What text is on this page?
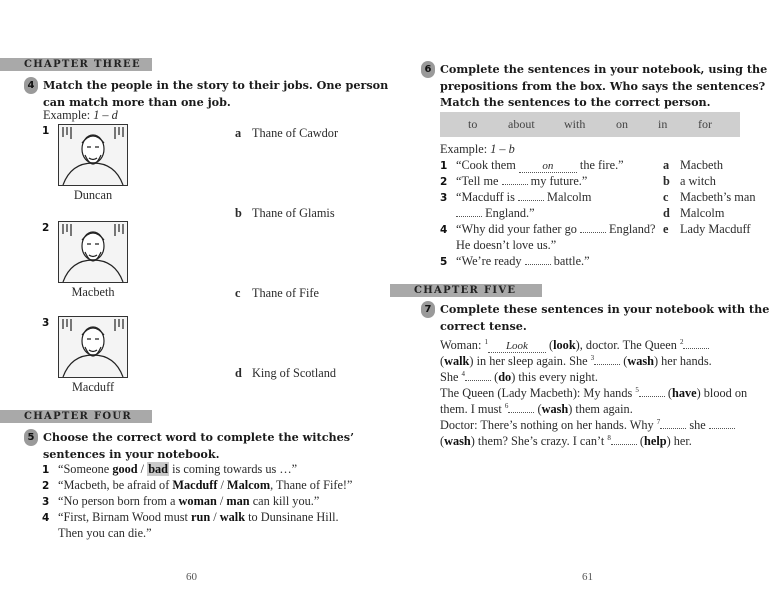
CHAPTER THREE
4 Match the people in the story to their jobs. One person
can match more than one job.
Example: 1 – d
CHAPTER FOUR
5 Choose the correct word to complete the witches’
sentences in your notebook.
1 “Someone good / bad is coming towards us …”
2 “Macbeth, be afraid of Macduff / Malcom, Thane of Fife!”
3 “No person born from a woman / man can kill you.”
4 “First, Birnam Wood must run / walk to Dunsinane Hill.
Then you can die.”
60
6 Complete the sentences in your notebook, using the
prepositions from the box. Who says the sentences?
Match the sentences to the correct person.
to	about with	on	in	for
Example: 1 – b
1 “Cook them on the fire.”
2 “Tell me  my future.”
3 “Macduff is  Malcolm
England.”
4 “Why did your father go  England?
He doesn’t love us.”
5 “We’re ready  battle.”
a Macbeth
b a witch
c Macbeth’s man
d Malcolm
e Lady Macduff
CHAPTER FIVE
7 Complete these sentences in your notebook with the
correct tense.
Woman: $^1$ Look (look), doctor. The Queen $^2$
(walk) in her sleep again. She $^3$ (wash) her hands.
She $^4$ (do) this every night.
The Queen (Lady Macbeth): My hands $^5$ (have) blood on
them. I must $^6$ (wash) them again.
Doctor: There’s nothing on her hands. Why $^7$ she
(wash) them? She’s crazy. I can’t $^8$ (help) her.
61
1
Duncan
2
Macbeth
3
Macduff
a Thane of Cawdor
b Thane of Glamis
c Thane of Fife
d King of Scotland
